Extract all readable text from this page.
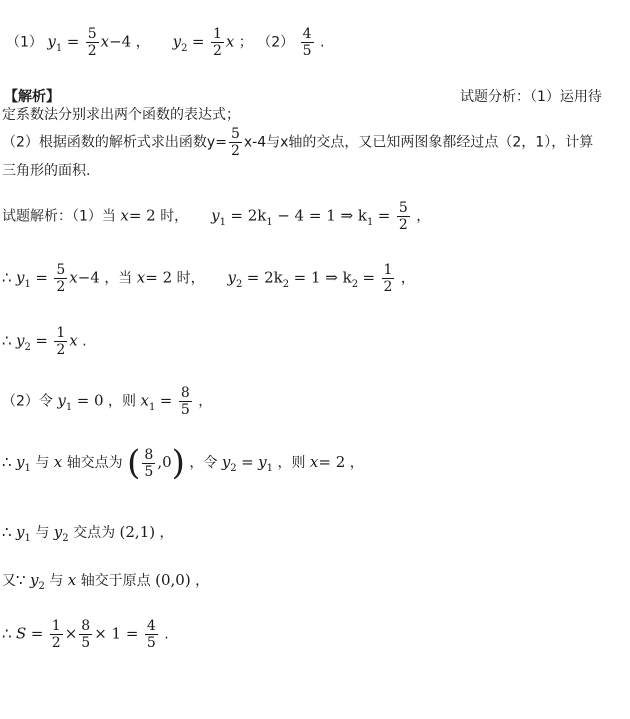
（1） $y_1 = \frac{5}{2} x-4$ ， $y_2 = \frac{1}{2}$ x ； $(2) \frac{4}{5}$ .
【解析】	试题分析：（1）运用待
定系数法分别求出两个函数的表达式；
（2）根据函数的解析式求出函数$y= \frac{5}{2} x-4$与x轴的交点，又已知两图象都经过点（2，1），计算
三角形的面积.
试题解析：（1）当 x= 2 时， $y_1 = 2k_1 - 4 = 1$ ⇒ $k_1 = \frac{5}{2}$ ，
∴ $y_1 = \frac{5}{2} x-4$ ，当 x= 2 时， $y_2 = 2k_2 = 1$ ⇒ $k_2 = \frac{1}{2}$ ，
∴ $y_2 = \frac{1}{2}$ x .
（2）令 $y_1 = 0$ ，则 $x_1 = \frac{8}{5}$ ，
∴ $y_1$ 与 x 轴交点为 ( $\frac{8}{5} ,0$) ，令 $y_2 = y_1$ ，则 x= 2 ，
∴ $y_1$ 与 $y_2$ 交点为 (2,1) ，
又∵ $y_2$ 与 x 轴交于原点 (0,0) ，
∴ $S = \frac{1}{2} \times \frac{8}{5} \times 1 = \frac{4}{5}$ .
